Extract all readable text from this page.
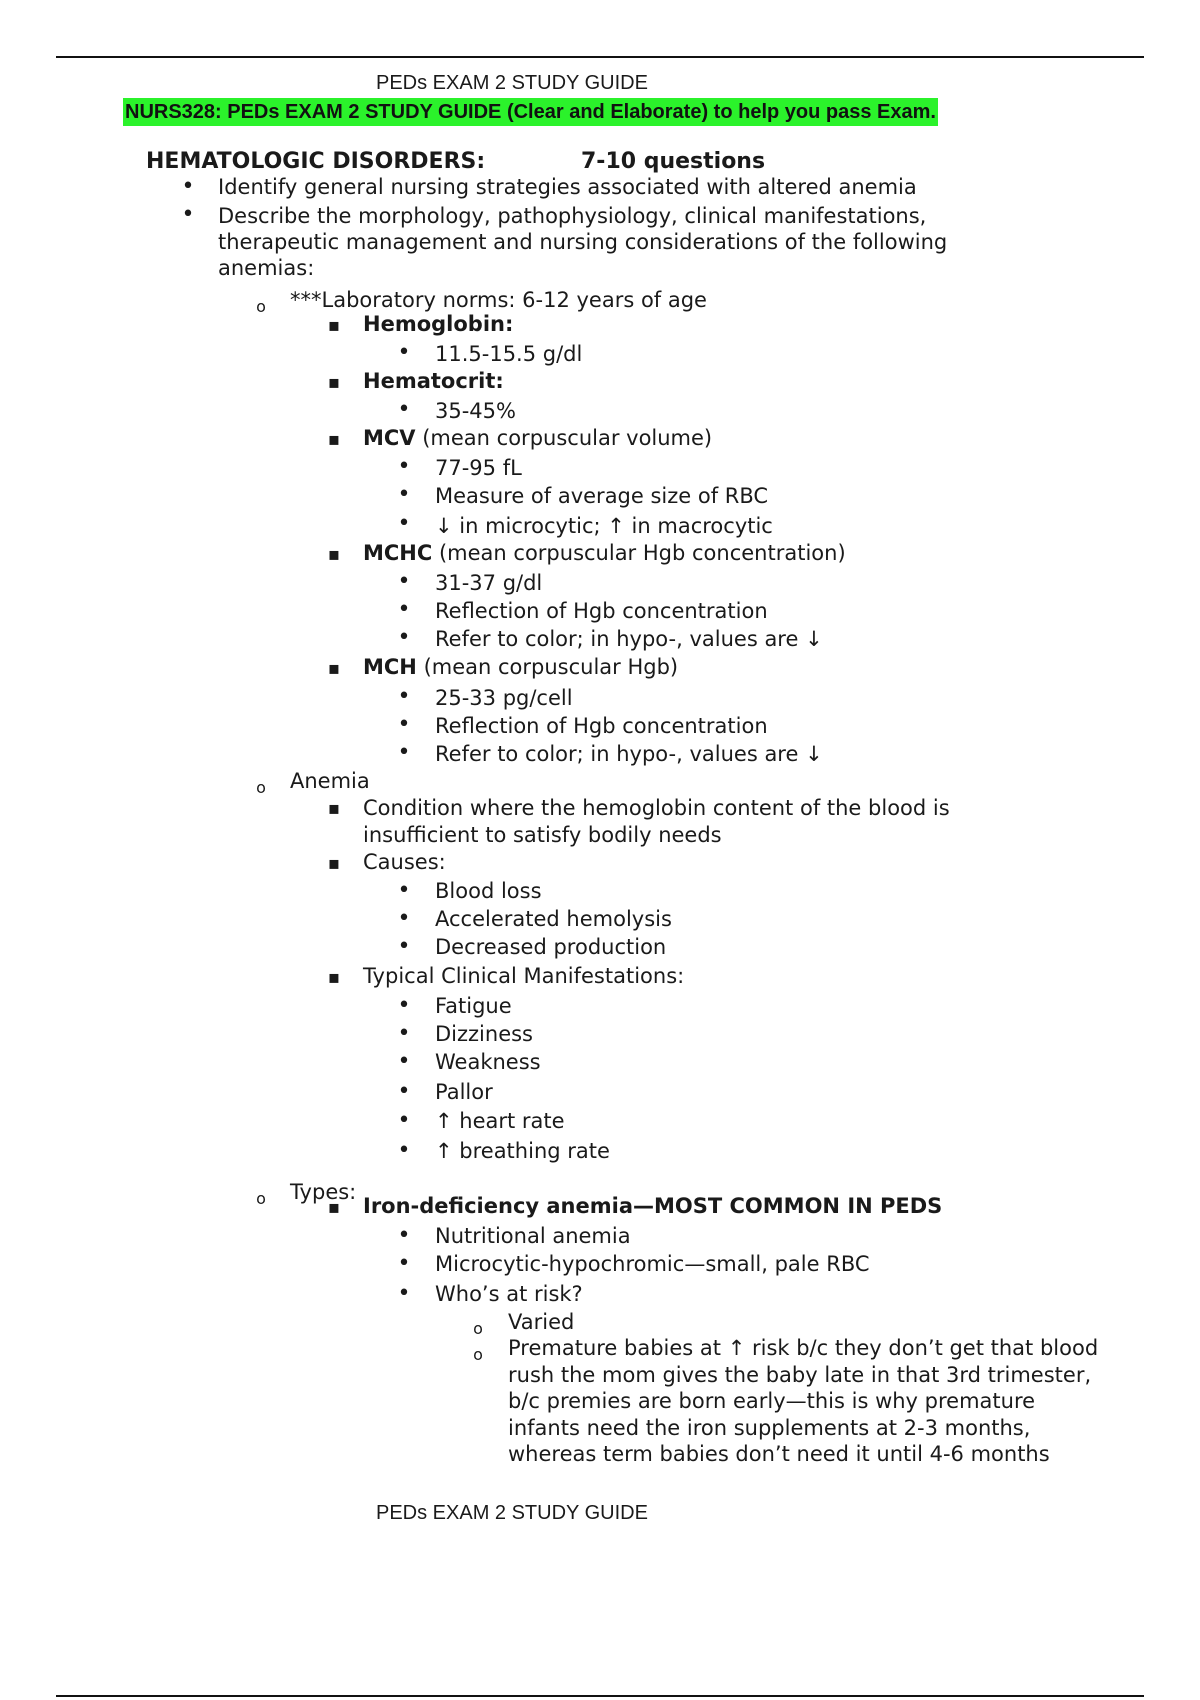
PEDs EXAM 2 STUDY GUIDE
NURS328: PEDs EXAM 2 STUDY GUIDE (Clear and Elaborate) to help you pass Exam.
HEMATOLOGIC DISORDERS:	7-10 questions
•
Identify general nursing strategies associated with altered anemia
•
Describe the morphology, pathophysiology, clinical manifestations, therapeutic management and nursing considerations of the following anemias:
o
***Laboratory norms: 6-12 years of age
▪
Hemoglobin:
•
11.5-15.5 g/dl
▪
Hematocrit:
•
35-45%
▪
MCV (mean corpuscular volume)
•
77-95 fL
•
Measure of average size of RBC
•
↓ in microcytic; ↑ in macrocytic
▪
MCHC (mean corpuscular Hgb concentration)
•
31-37 g/dl
•
Reflection of Hgb concentration
•
Refer to color; in hypo-, values are ↓
▪
MCH (mean corpuscular Hgb)
•
25-33 pg/cell
•
Reflection of Hgb concentration
•
Refer to color; in hypo-, values are ↓
o
Anemia
▪
Condition where the hemoglobin content of the blood is insufficient to satisfy bodily needs
▪
Causes:
•
Blood loss
•
Accelerated hemolysis
•
Decreased production
▪
Typical Clinical Manifestations:
•
Fatigue
•
Dizziness
•
Weakness
•
Pallor
•
↑ heart rate
•
↑ breathing rate
o
Types:
▪
Iron-deficiency anemia—MOST COMMON IN PEDS
•
Nutritional anemia
•
Microcytic-hypochromic—small, pale RBC
•
Who’s at risk?
o
Varied
o
Premature babies at ↑ risk b/c they don’t get that blood rush the mom gives the baby late in that 3rd trimester, b/c premies are born early—this is why premature infants need the iron supplements at 2-3 months, whereas term babies don’t need it until 4-6 months
PEDs EXAM 2 STUDY GUIDE
